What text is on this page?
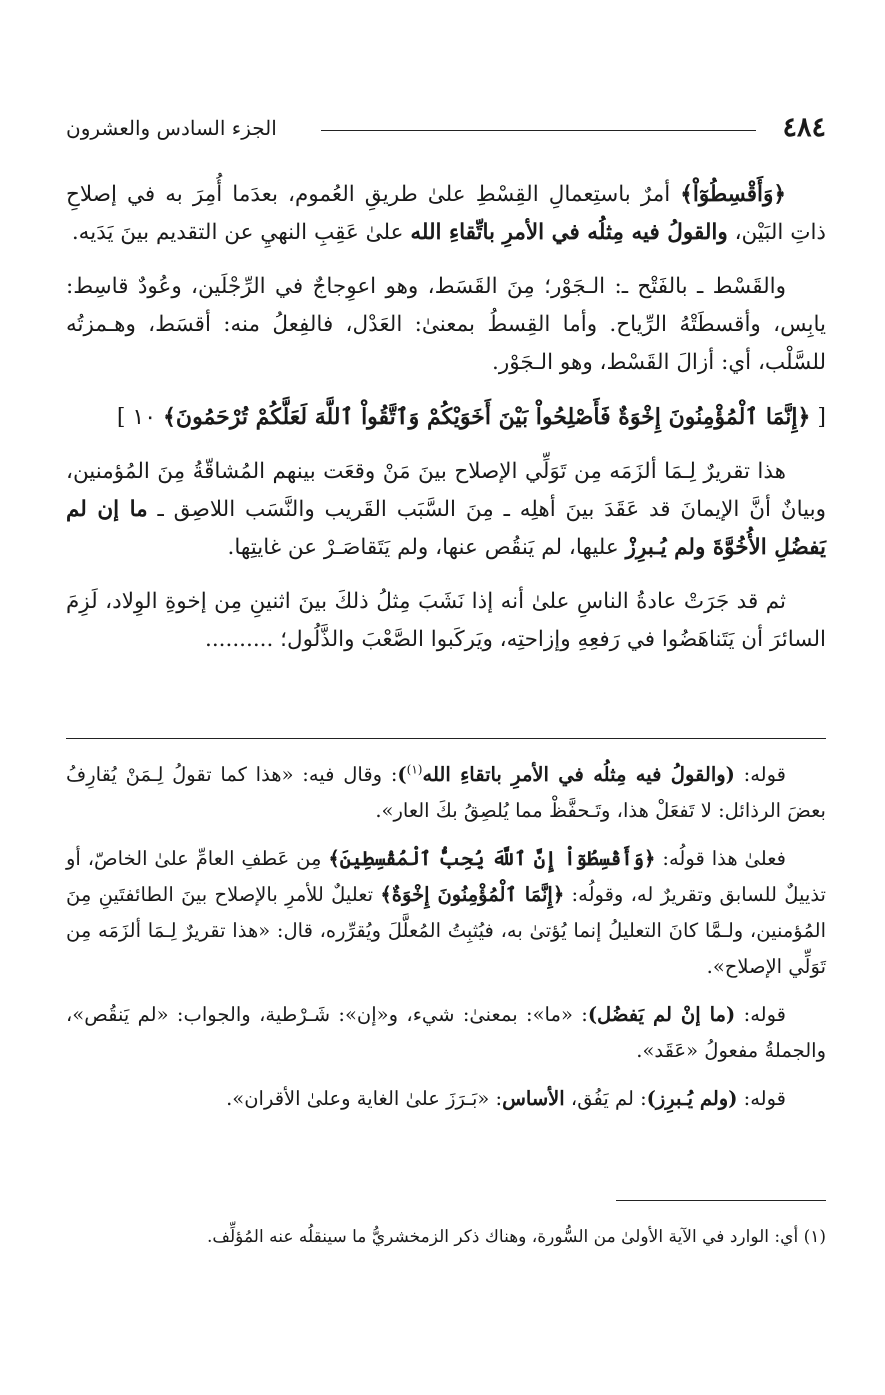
٤٨٤
الجزء السادس والعشرون

﴿وَأَقْسِطُوٓاْ﴾ أمرٌ باستِعمالِ القِسْطِ علىٰ طريقِ العُموم، بعدَما أُمِرَ به في إصلاحِ ذاتِ البَيْن، والقولُ فيه مِثلُه في الأمرِ باتِّقاءِ الله علىٰ عَقِبِ النهيِ عن التقديم بينَ يَدَيه.

والقَسْط ـ بالفَتْح ـ: الـجَوْر؛ مِنَ القَسَط، وهو اعوِجاجٌ في الرِّجْلَين، وعُودٌ قاسِط: يابِس، وأقسطَتْهُ الرِّياح. وأما القِسطُ بمعنىٰ: العَدْل، فالفِعلُ منه: أقسَط، وهـمزتُه للسَّلْب، أي: أزالَ القَسْط، وهو الـجَوْر.

[ ﴿إِنَّمَا ٱلْمُؤْمِنُونَ إِخْوَةٌ فَأَصْلِحُواْ بَيْنَ أَخَوَيْكُمْ وَٱتَّقُواْ ٱللَّهَ لَعَلَّكُمْ تُرْحَمُونَ﴾ ١٠ ]

هذا تقريرٌ لِـمَا ألزَمَه مِن تَوَلِّي الإصلاح بينَ مَنْ وقعَت بينهم المُشاقّةُ مِنَ المُؤمنين، وبيانٌ أنَّ الإيمانَ قد عَقَدَ بينَ أهلِه ـ مِنَ السَّبَب القَريب والنَّسَب اللاصِق ـ ما إن لم يَفضُلِ الأُخُوَّةَ ولم يُـبرِزْ عليها، لم يَنقُص عنها، ولم يَتَقاصَـرْ عن غايتِها.

ثم قد جَرَتْ عادةُ الناسِ علىٰ أنه إذا نَشَبَ مِثلُ ذلكَ بينَ اثنينِ مِن إخوةِ الوِلاد، لَزِمَ السائرَ أن يَتَناهَضُوا في رَفعِهِ وإزاحتِه، ويَركَبوا الصَّعْبَ والذَّلُول؛ ..........

قوله: (والقولُ فيه مِثلُه في الأمرِ باتقاءِ الله$^{(١)}$): وقال فيه: «هذا كما تقولُ لِـمَنْ يُقارِفُ بعضَ الرذائل: لا تَفعَلْ هذا، وتَـحفَّظْ مما يُلصِقُ بكَ العار».

فعلىٰ هذا قولُه: ﴿وَأَقْسِطُوٓاْ إِنَّ ٱللَّهَ يُحِبُّ ٱلْمُقْسِطِينَ﴾ مِن عَطفِ العامِّ علىٰ الخاصّ، أو تذييلٌ للسابق وتقريرٌ له، وقولُه: ﴿إِنَّمَا ٱلْمُؤْمِنُونَ إِخْوَةٌ﴾ تعليلٌ للأمرِ بالإصلاح بينَ الطائفتَينِ مِنَ المُؤمنين، ولـمَّا كانَ التعليلُ إنما يُؤتىٰ به، فيُثبِتُ المُعلَّلَ ويُقرِّره، قال: «هذا تقريرٌ لِـمَا ألزَمَه مِن تَوَلِّي الإصلاح».

قوله: (ما إنْ لم يَفضُل): «ما»: بمعنىٰ: شيء، و«إن»: شَـرْطية، والجواب: «لم يَنقُص»، والجملةُ مفعولُ «عَقَد».

قوله: (ولم يُـبرِز): لم يَفُق، الأساس: «بَـرَزَ علىٰ الغاية وعلىٰ الأقران».

(١) أي: الوارد في الآية الأولىٰ من السُّورة، وهناك ذكر الزمخشريُّ ما سينقلُه عنه المُؤلِّف.
